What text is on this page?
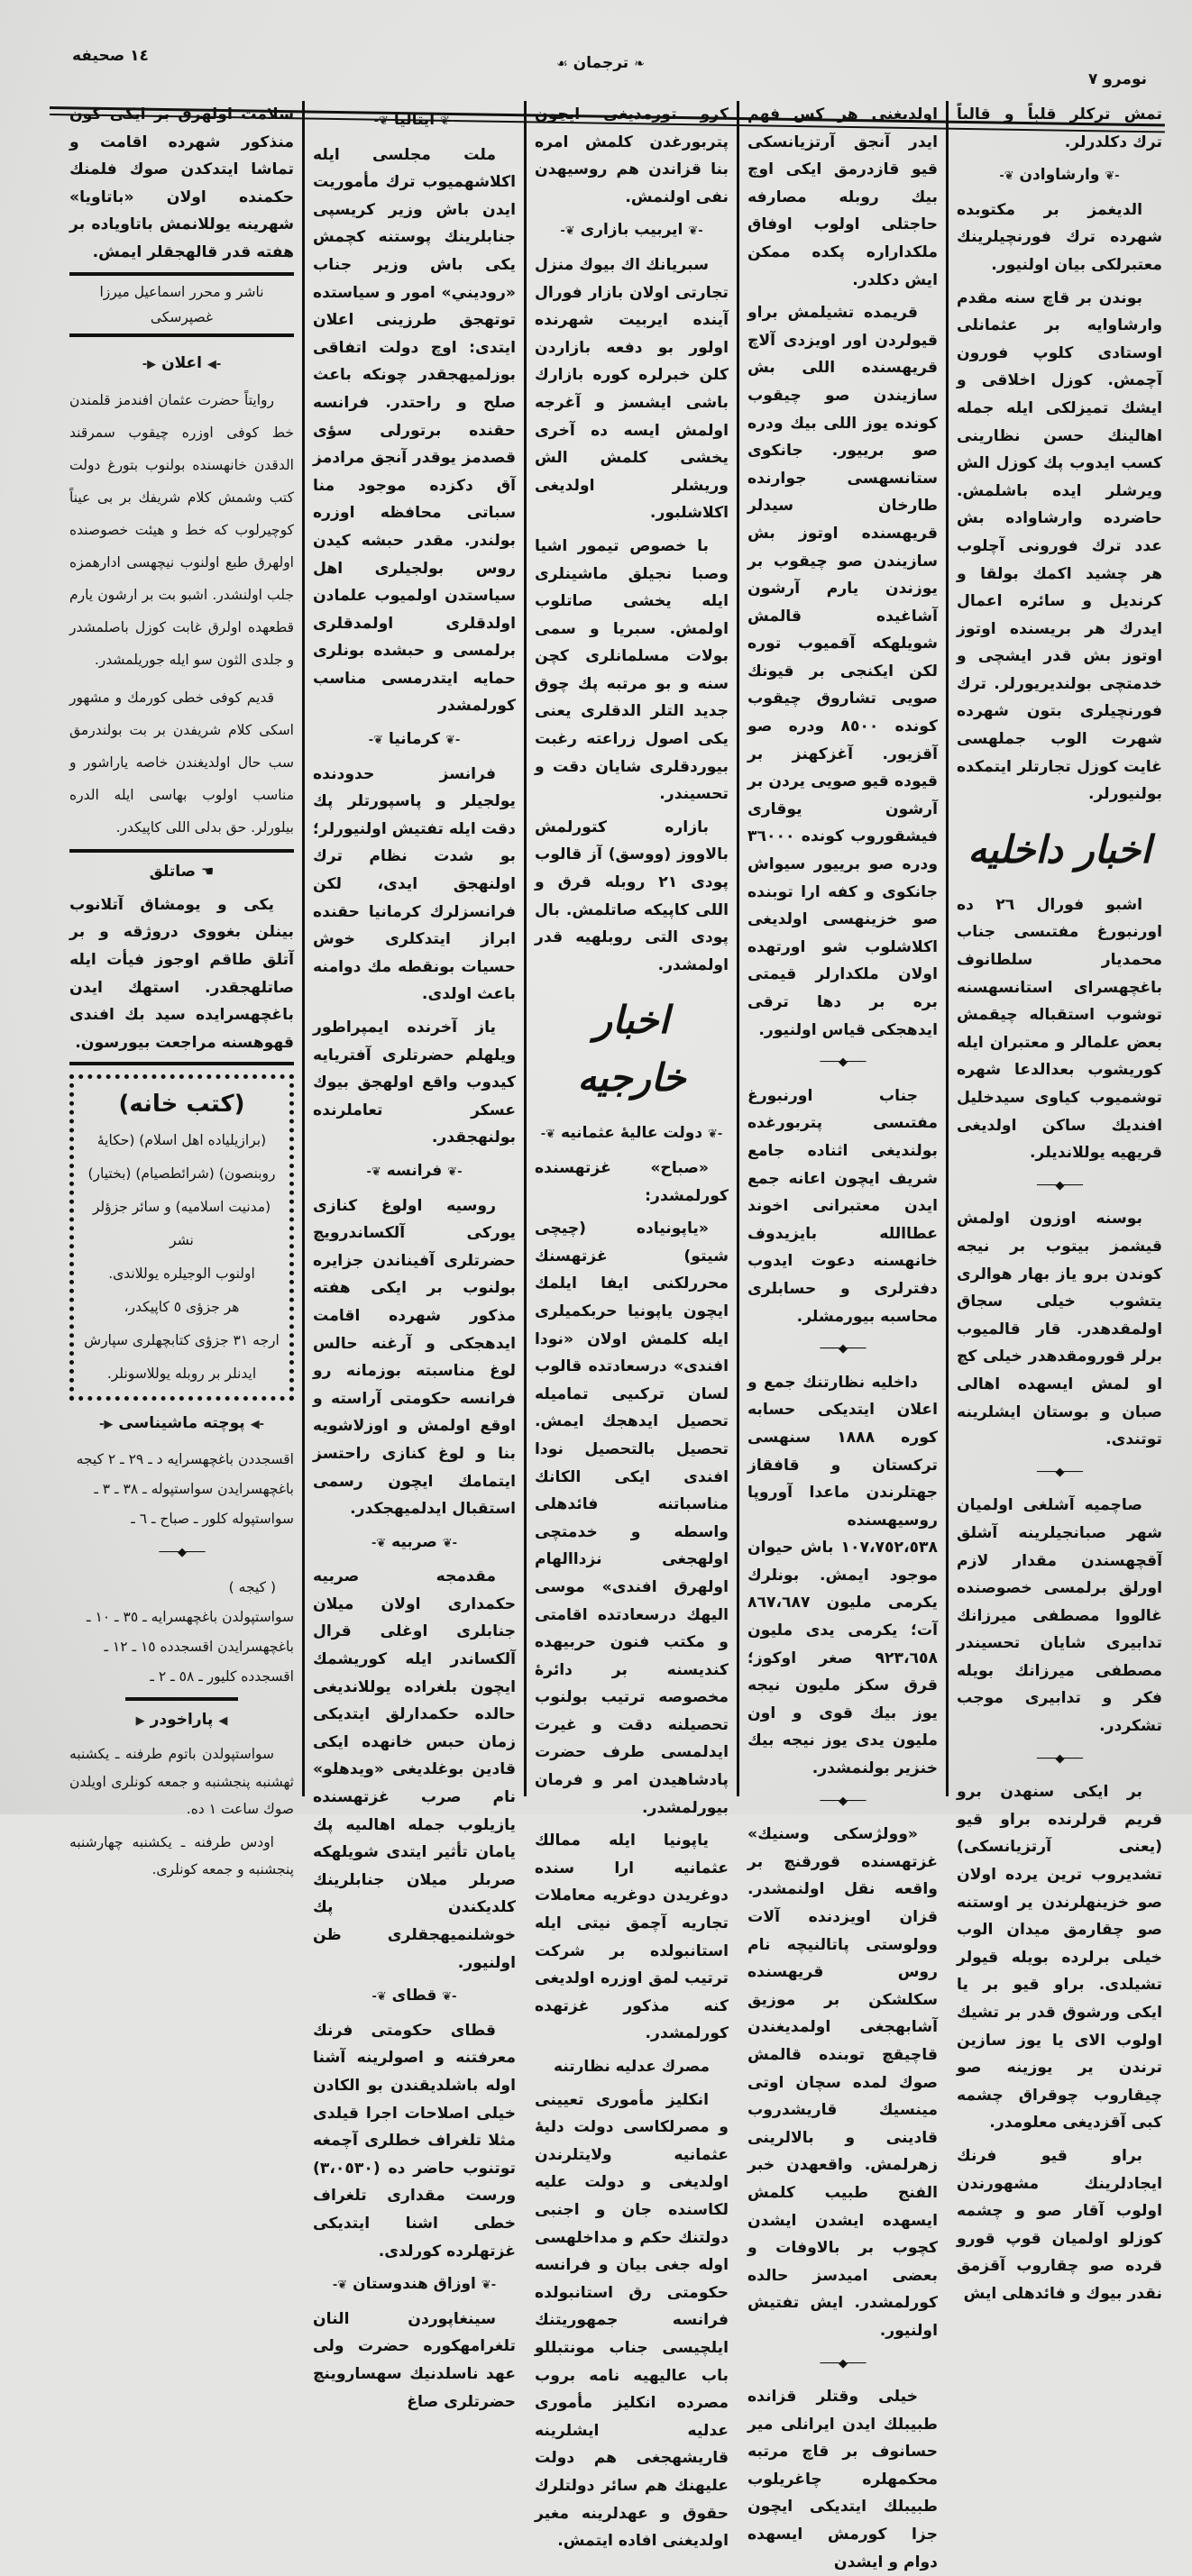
نومرو ٧
❧ ترجمان ☙
١٤ صحيفه

تمش تركلر قلباً و قالباً ترك دكلدرلر.

-❦ وارشاوادن ❦-

الديغمز بر مكتوبده شهرده ترك فورنچيلرينك معتبرلكى بيان اولنيور.

بوندن بر قاچ سنه مقدم وارشاوايه بر عثمانلى اوستادى كلوپ فورون آچمش. كوزل اخلاقى و ايشك تميزلكى ايله جمله اهالينك حسن نظارينى كسب ايدوب پك كوزل الش ويرشلر ايده باشلمش. حاضرده وارشاواده بش عدد ترك فورونى آچلوب هر چشيد اكمك بولقا و كرنديل و سائره اعمال ايدرك هر بريسنده اوتوز اوتوز بش قدر ايشچى و خدمتچى بولنديريورلر. ترك فورنچيلرى بتون شهرده شهرت الوب جملهسى غايت كوزل تجارتلر ايتمكده بولنيورلر.

اخبار داخليه

اشبو فورال ٢٦ ده اورنبورغ مفتىسى جناب محمديار سلطانوف باغچهسراى استانسهسنه توشوب استقباله چيقمش بعض علمالر و معتبران ايله كوريشوب بعدالدعا شهره توشميوب كياوى سيدخليل افنديك ساكن اولديغى قريهيه يوللانديلر.

───◆───

بوسنه اوزون اولمش قيشمز بيتوب بر نيجه كوندن برو ياز بهار هوالرى يتشوب خيلى سجاق اولمقدهدر. قار قالميوب برلر قورومقدهدر خيلى كچ او لمش ايسهده اهالى صبان و بوستان ايشلرينه توتندى.

───◆───

صاچميه آشلغى اولميان شهر صبانجيلرينه آشلق آقچهسندن مقدار لازم اورلق برلمسى خصوصنده غالووا مصطفى ميرزانك تدابيرى شايان تحسيندر مصطفى ميرزانك بويله فكر و تدابيرى موجب تشكردر.

───◆───

بر ايكى سنهدن برو قريم قرلرنده براو قيو (يعنى آرتزيانسكى) تشديروب ترين يرده اولان صو خزينهلرندن ير اوستنه صو چقارمق ميدان الوب خيلى برلرده بويله قيولر تشيلدى. براو قيو بر يا ايكى ورشوق قدر بر تشيك اولوب الاى يا يوز سازين ترندن ير يوزينه صو چيقاروب چوقراق چشمه كبى آقزديغى معلومدر.

براو قيو فرنك ايجادلرينك مشهورندن اولوب آقار صو و چشمه كوزلو اولميان قوپ قورو قرده صو چقاروب آقزمق نقدر بيوك و فائدهلى ايش

اولديغنى هر كس فهم ايدر آنجق آرتزيانسكى قيو قازدرمق ايكى اوچ بيك روبله مصارفه حاجتلى اولوب اوفاق ملكداراره پكده ممكن ايش دكلدر.

قريمده تشيلمش براو قيولردن اور اويزدى آلاچ قريهسنده اللى بش سازيندن صو چيقوب كونده يوز اللى بيك ودره صو برييور. جانكوى ستانسهسى جوارنده طارخان سيدلر قريهسنده اوتوز بش سازيندن صو چيقوب بر يوزندن يارم آرشون آشاغيده قالمش شويلهكه آقميوب توره لكن ايكنجى بر قيونك صويى تشاروق چيقوب كونده ٨٥٠٠ ودره صو آقزيور. آغزكهنز بر قيوده قيو صويى يردن بر آرشون يوقارى فيشقوروب كونده ٣٦٠٠٠ ودره صو برييور سيواش جانكوى و كفه ارا توبنده صو خزينهسى اولديغى اكلاشلوب شو اورتهده اولان ملكدارلر قيمتى بره بر دها ترقى ايدهجكى قياس اولنيور.

───◆───

جناب اورنبورغ مفتىسى پتربورغده بولنديغى اثناده جامع شريف ايچون اعانه جمع ايدن معتبرانى اخوند عطاالله بايزيدوف خانهسنه دعوت ايدوب دفترلرى و حسابلرى محاسبه بيورمشلر.

───◆───

داخليه نظارتنك جمع و اعلان ايتديكى حسابه كوره ١٨٨٨ سنهسى تركستان و قافقاز جهتلرندن ماعدا آوروپا روسيهسنده ١٠٧،٧٥٢،٥٣٨ باش حيوان موجود ايمش. بونلرك يكرمى مليون ٨٦٧،٦٨٧ آت؛ يكرمى يدى مليون ٩٢٣،٦٥٨ صغر اوكوز؛ قرق سكز مليون نيجه يوز بيك قوى و اون مليون يدى يوز نيجه بيك خنزير بولنمشدر.

───◆───

«وولژسكى وسنيك» غزتهسنده قورقنچ بر واقعه نقل اولنمشدر. قزان اويزدنده آلات وولوستى پاتالنيچه نام روس قريهسنده سكلشكن بر موزيق آشابهجغى اولمديغندن قاچيقچ توبنده قالمش صوك لمده سچان اوتى مينسيك قاريشدروب قادينى و بالالرينى زهرلمش. واقعهدن خبر الفنج طبيب كلمش ايسهده ايشدن ايشدن كچوب بر بالاوفات و بعضى اميدسز حالده كورلمشدر. ايش تفتيش اولنيور.

───◆───

خيلى وقتلر قزانده طبيبلك ايدن ايرانلى مير حسانوف بر قاچ مرتبه محكمهلره چاغريلوب طبيبلك ايتديكى ايچون جزا كورمش ايسهده دوام و ايشدن

كرو تورمديغى ايچون پتربورغدن كلمش امره بنا قزاندن هم روسيهدن نفى اولنمش.

-❦ ايربيب بازارى ❦-

سبريانك اك بيوك منزل تجارتى اولان بازار فورال آينده ايربيت شهرنده اولور بو دفعه بازاردن كلن خبرلره كوره بازارك باشى ايشسز و آغرجه اولمش ايسه ده آخرى يخشى كلمش الش وريشلر اولديغى اكلاشلبور.

با خصوص تيمور اشيا وصبا نجيلق ماشينلرى ايله يخشى صاتلوب اولمش. سبريا و سمى بولات مسلمانلرى كچن سنه و بو مرتبه پك چوق جديد التلر الدقلرى يعنى يكى اصول زراعته رغبت بيوردقلرى شايان دقت و تحسيندر.

بازاره كتورلمش بالاووز (ووسق) آز قالوب پودى ٢١ روبله قرق و اللى كاپيكه صاتلمش. بال پودى التى روبلهيه قدر اولمشدر.

اخبار خارجيه
-❦ دولت عاليهٔ عثمانيه ❦-

«صباح» غزتهسنده كورلمشدر:

«ياپونياده (چيچى شيتو) غزتهسنك محررلكنى ايفا ايلمك ايچون ياپونيا حربكميلرى ايله كلمش اولان «نودا افندى» درسعادتده قالوب لسان تركىيى تماميله تحصيل ايدهجك ايمش. تحصيل بالتحصيل نودا افندى ايكى الكانك مناسباتنه فائدهلى واسطه و خدمتچى اولهجغى نزداالهام اولهرق افندى» موسى اليهك درسعادتده اقامتى و مكتب فنون حربيهده كنديسنه بر دائرهٔ مخصوصه ترتيب بولنوب تحصيلنه دقت و غيرت ايدلمسى طرف حضرت پادشاهيدن امر و فرمان بيورلمشدر.

ياپونيا ايله ممالك عثمانيه ارا سنده دوغريدن دوغريه معاملات تجاريه آچمق نيتى ايله استانبولده بر شركت ترتيب لمق اوزره اولديغى كنه مذكور غزتهده كورلمشدر.

مصرك عدليه نظارتنه

انكليز مأمورى تعيينى و مصرلكاسى دولت دليهٔ عثمانيه ولايتلرندن اولديغى و دولت عليه لكاسنده جان و اجنبى دولتنك حكم و مداخلهسى اوله جغى بيان و فرانسه حكومتى رق استانبولده فرانسه جمهوريتنك ايلچيسى جناب مونتبللو باب عاليهيه نامه بروب مصرده انكليز مأمورى عدليه ايشلرينه قاريشهجغى هم دولت عليهنك هم سائر دولتلرك حقوق و عهدلرينه مغير اولديغنى افاده ايتمش.

-❦ ايتاليا ❦-

ملت مجلسى ايله اكلاشهميوب ترك مأموريت ايدن باش وزير كريسپى جنابلرينك پوستنه كچمش يكى باش وزير جناب «روديني» امور و سياستده توتهجق طرزينى اعلان ايتدى: اوچ دولت اتفاقى بوزلميهجقدر چونكه باعث صلح و راحتدر. فرانسه حقنده برتورلى سؤى قصدمز يوقدر آنجق مرادمز آق دكزده موجود منا سباتى محافظه اوزره بولندر. مقدر حبشه كيدن روس بولجيلرى اهل سياستدن اولميوب علمادن اولدقلرى اولمدقلرى برلمسى و حبشده بونلرى حمايه ايتدرمسى مناسب كورلمشدر

-❦ كرمانيا ❦-

فرانسز حدودنده يولجيلر و پاسپورتلر پك دقت ايله تفتيش اولنيورلر؛ بو شدت نظام ترك اولنهجق ايدى، لكن فرانسزلرك كرمانيا حقنده ابراز ايتدكلرى خوش حسيات بونقطه مك دوامنه باعث اولدى.

ياز آخرنده ايمپراطور ويلهلم حضرتلرى آفتريايه كيدوب واقع اولهجق بيوك عسكر تعاملرنده بولنهجقدر.

-❦ فرانسه ❦-

روسيه اولوغ كنازى يوركى آلكساندرويچ حضرتلرى آفيناندن جزايره بولنوب بر ايكى هفته مذكور شهرده اقامت ايدهجكى و آرغنه حالس لوغ مناسبته بوزمانه رو فرانسه حكومتى آراسته و اوقع اولمش و اوزلاشويه بنا و لوغ كنازى راحتسز ايتمامك ايچون رسمى استقبال ايدلميهجكدر.

-❦ صربيه ❦-

مقدمجه صربيه حكمدارى اولان ميلان جنابلرى اوغلى قرال آلكساندر ايله كوريشمك ايچون بلغراده يوللانديغى حالده حكمدارلق ايتديكى زمان حبس خانهده ايكى قادين بوغلديغى «ويدهلو» نام صرب غزتهسنده يازيلوب جمله اهالىيه پك يامان تأثير ايتدى شويلهكه صربلر ميلان جنابلرينك كلديكندن پك خوشلنميهجقلرى ظن اولنيور.

-❦ قطاى ❦-

قطاى حكومتى فرنك معرفتنه و اصولرينه آشنا اوله باشلديقندن بو الكادن خيلى اصلاحات اجرا قيلدى مثلا تلغراف خطلرى آچمغه توتنوب حاضر ده (٣،٠٥٣٠) ورست مقدارى تلغراف خطى اشنا ايتديكى غزتهلرده كورلدى.

-❦ اوزاق هندوستان ❦-

سينغاپوردن النان تلغرامهكوره حضرت ولى عهد ناسلدنيك سهساروينچ حضرتلرى صاغ

سلامت اولهرق بر ايكى كون منذكور شهرده اقامت و تماشا ايتدكدن صوك فلمنك حكمنده اولان «باتاويا» شهرينه يوللانمش باتاوياده بر هفته قدر قالهجقلر ايمش.

ناشر و محرر اسماعيل ميرزا غصپرسكى
-◀ اعلان ▶-

روايتاً حضرت عثمان افندمز قلمندن خط كوفى اوزره چيقوب سمرقند الدقدن خانهسنده بولنوب بتورغ دولت كتب وشمش كلام شريفك بر بى عيناً كوچيرلوب كه خط و هيئت خصوصنده اولهرق طبع اولنوب نيچهسى ادارهمزه جلب اولنشدر. اشبو بت بر ارشون يارم قطعهده اولرق غابت كوزل باصلمشدر و جلدى الثون سو ايله جوريلمشدر.

قديم كوفى خطى كورمك و مشهور اسكى كلام شريفدن بر بت بولندرمق سب حال اولديغندن خاصه ياراشور و مناسب اولوب بهاسى ايله الدره بيلورلر. حق بدلى اللى كاپيكدر.

☚ صاتلق

يكى و يومشاق آتلانوب بينلن بغووى دروژقه و بر آتلق طاقم اوجوز فيأت ايله صاتلهجقدر. استهك ايدن باغچهسرايده سيد بك افندى قهوهسنه مراجعت بيورسون.

(كتب خانه)
(برازيلياده اهل اسلام) (حكايهٔ
روبنصون) (شرائطصيام) (بختيار)
(مدنيت اسلاميه) و سائر جزؤلر نشر
اولنوب الوجيلره يوللاندى.
هر جزؤى ٥ كاپيكدر،
ارجه ٣١ جزؤى كتابچهلرى سپارش
ايدنلر بر روبله يوللاسونلر.
-◀ پوچته ماشيناسى ▶-
اقسجددن باغچهسرايه د ـ ٢٩ ـ ٢ كيجه
باغچهسرايدن سواستپوله ـ ٣٨ ـ ٣ ـ
سواستپوله كلور ـ صباح ـ ٦ ـ
───◆───
( كيجه )
سواستپولدن باغچهسرايه ـ ٣٥ ـ ١٠ ـ
باغچهسرايدن اقسجدده ١٥ ـ ١٢ ـ
اقسجدده كليور ـ ٥٨ ـ ٢ ـ
◀ پاراخودر ▶

سواستپولدن باتوم طرفنه ـ يكشنبه ثهشنبه پنجشنبه و جمعه كونلرى اويلدن صوك ساعت ١ ده.

اودس طرفنه ـ يكشنبه چهارشنبه پنجشنبه و جمعه كونلرى.
